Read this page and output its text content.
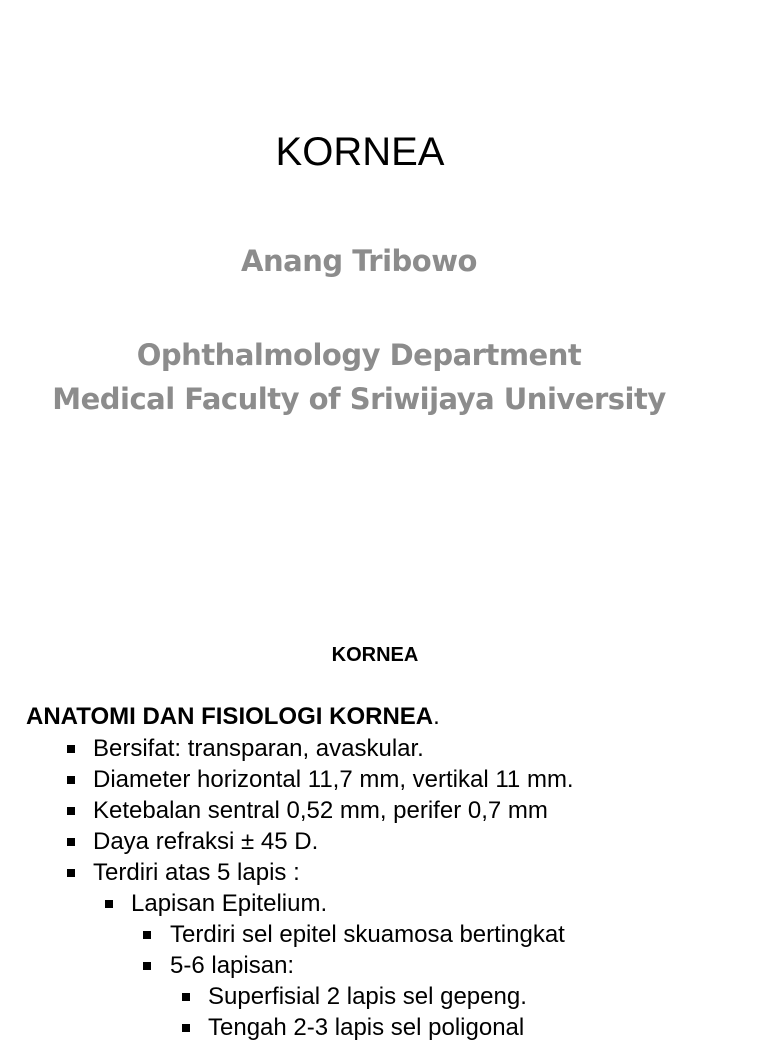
KORNEA
Anang Tribowo
Ophthalmology Department
Medical Faculty of Sriwijaya University
KORNEA
ANATOMI DAN FISIOLOGI KORNEA.
Bersifat: transparan, avaskular.
Diameter horizontal 11,7 mm, vertikal 11 mm.
Ketebalan sentral 0,52 mm, perifer 0,7 mm
Daya refraksi ± 45 D.
Terdiri atas 5 lapis :
Lapisan Epitelium.
Terdiri sel epitel skuamosa bertingkat
5-6 lapisan:
Superfisial 2 lapis sel gepeng.
Tengah 2-3 lapis sel poligonal
